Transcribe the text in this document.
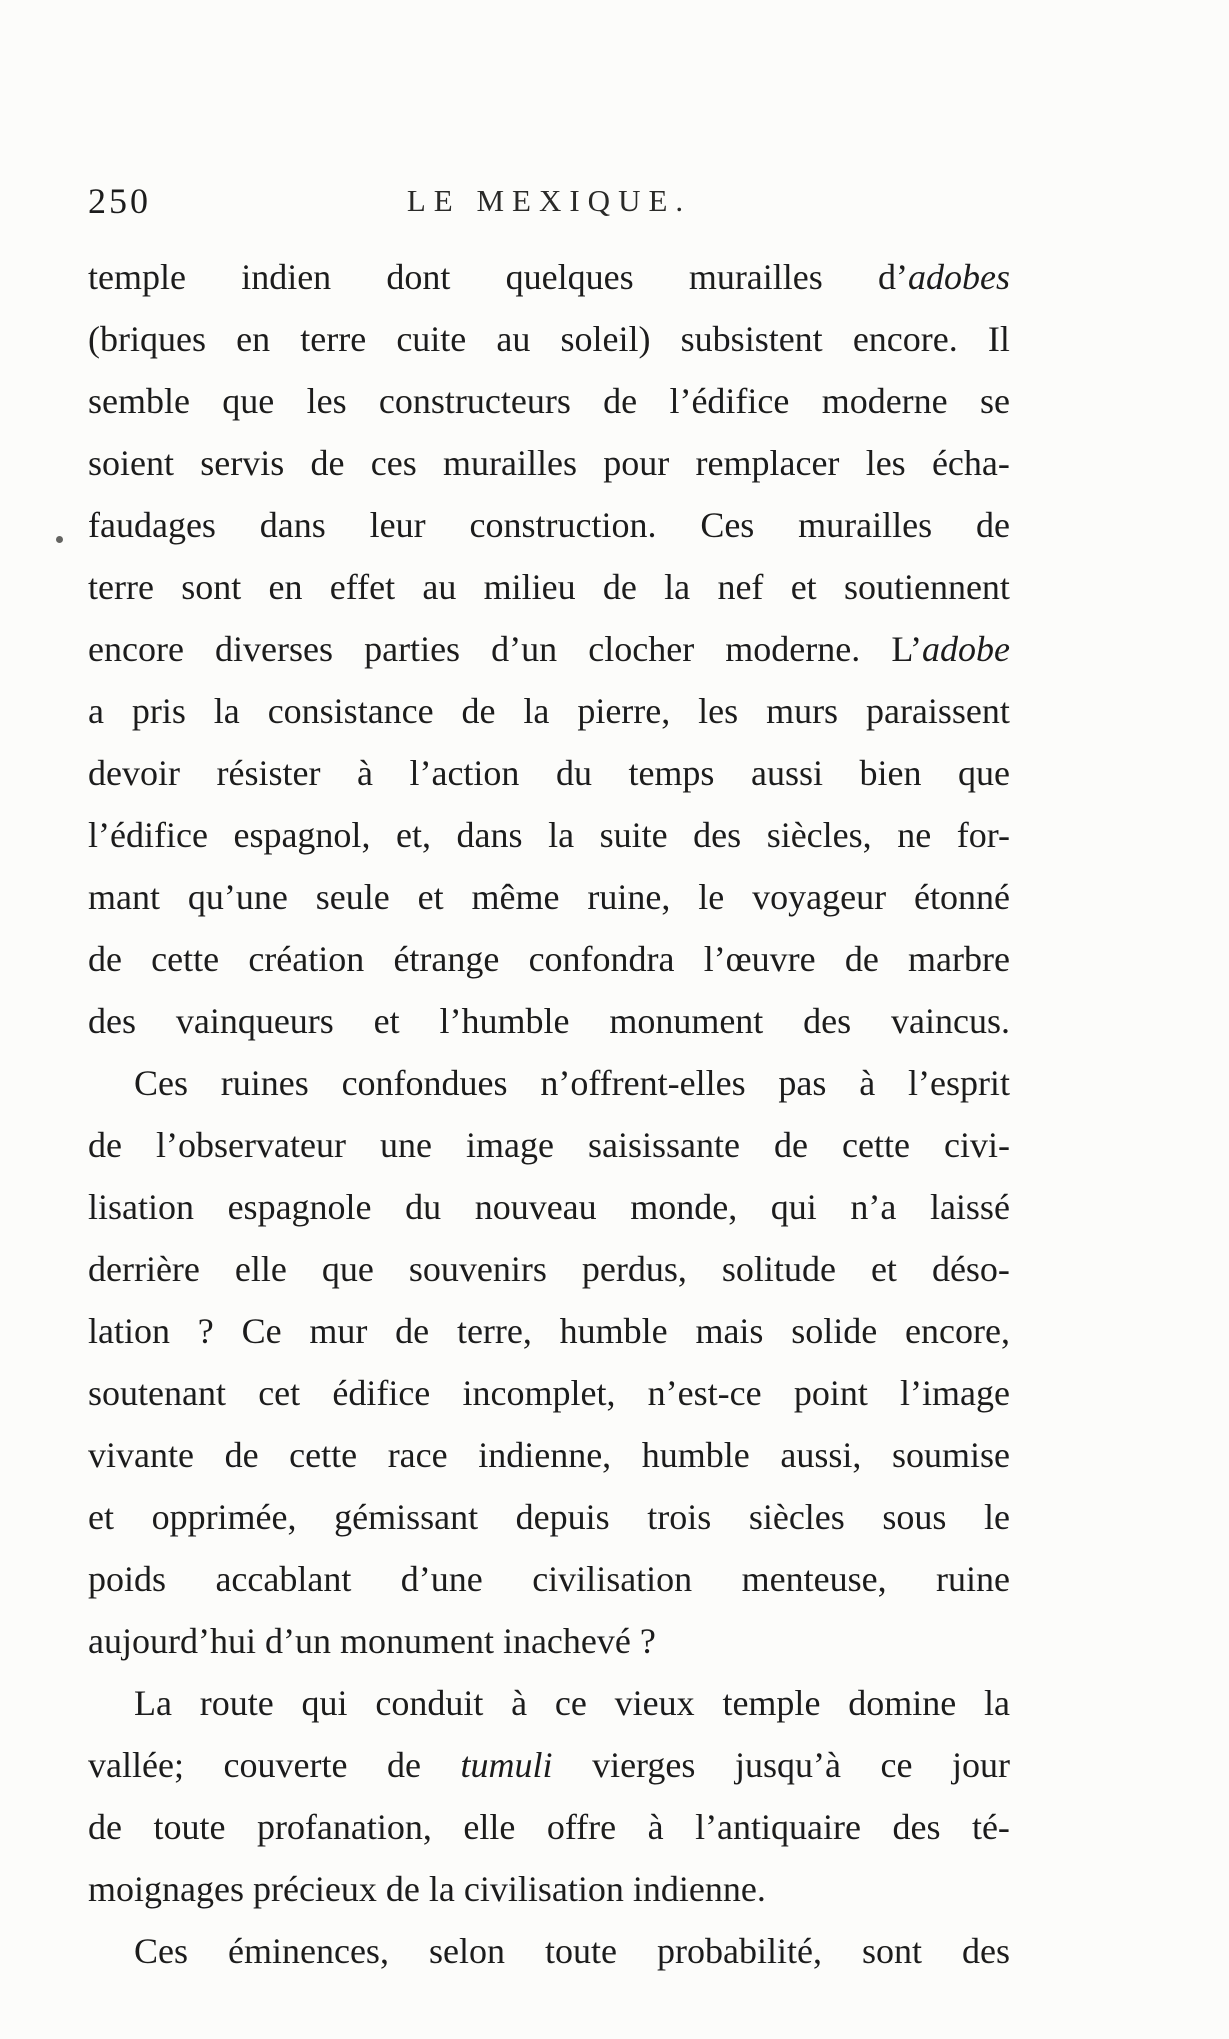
250	LE MEXIQUE.
temple indien dont quelques murailles d’adobes
(briques en terre cuite au soleil) subsistent encore. Il
semble que les constructeurs de l’édifice moderne se
soient servis de ces murailles pour remplacer les écha-
faudages dans leur construction. Ces murailles de
terre sont en effet au milieu de la nef et soutiennent
encore diverses parties d’un clocher moderne. L’adobe
a pris la consistance de la pierre, les murs paraissent
devoir résister à l’action du temps aussi bien que
l’édifice espagnol, et, dans la suite des siècles, ne for-
mant qu’une seule et même ruine, le voyageur étonné
de cette création étrange confondra l’œuvre de marbre
des vainqueurs et l’humble monument des vaincus.
Ces ruines confondues n’offrent-elles pas à l’esprit
de l’observateur une image saisissante de cette civi-
lisation espagnole du nouveau monde, qui n’a laissé
derrière elle que souvenirs perdus, solitude et déso-
lation ? Ce mur de terre, humble mais solide encore,
soutenant cet édifice incomplet, n’est-ce point l’image
vivante de cette race indienne, humble aussi, soumise
et opprimée, gémissant depuis trois siècles sous le
poids accablant d’une civilisation menteuse, ruine
aujourd’hui d’un monument inachevé ?
La route qui conduit à ce vieux temple domine la
vallée; couverte de tumuli vierges jusqu’à ce jour
de toute profanation, elle offre à l’antiquaire des té-
moignages précieux de la civilisation indienne.
Ces éminences, selon toute probabilité, sont des
